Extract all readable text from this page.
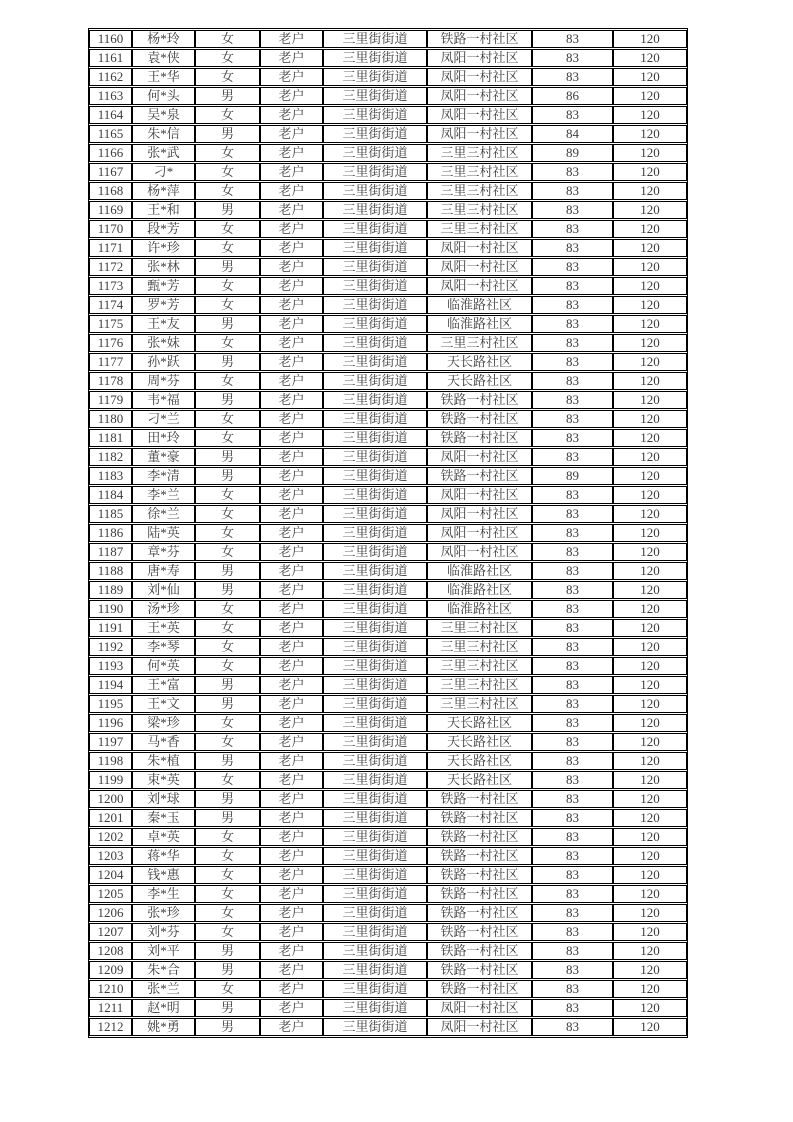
1160	杨*玲	女	老户	三里街街道	铁路一村社区	83	120
1161	袁*侠	女	老户	三里街街道	凤阳一村社区	83	120
1162	王*华	女	老户	三里街街道	凤阳一村社区	83	120
1163	何*头	男	老户	三里街街道	凤阳一村社区	86	120
1164	吴*泉	女	老户	三里街街道	凤阳一村社区	83	120
1165	朱*信	男	老户	三里街街道	凤阳一村社区	84	120
1166	张*武	女	老户	三里街街道	三里三村社区	89	120
1167	刁*	女	老户	三里街街道	三里三村社区	83	120
1168	杨*萍	女	老户	三里街街道	三里三村社区	83	120
1169	王*和	男	老户	三里街街道	三里三村社区	83	120
1170	段*芳	女	老户	三里街街道	三里三村社区	83	120
1171	许*珍	女	老户	三里街街道	凤阳一村社区	83	120
1172	张*林	男	老户	三里街街道	凤阳一村社区	83	120
1173	甄*芳	女	老户	三里街街道	凤阳一村社区	83	120
1174	罗*芳	女	老户	三里街街道	临淮路社区	83	120
1175	王*友	男	老户	三里街街道	临淮路社区	83	120
1176	张*妹	女	老户	三里街街道	三里三村社区	83	120
1177	孙*跃	男	老户	三里街街道	天长路社区	83	120
1178	周*芬	女	老户	三里街街道	天长路社区	83	120
1179	韦*福	男	老户	三里街街道	铁路一村社区	83	120
1180	刁*兰	女	老户	三里街街道	铁路一村社区	83	120
1181	田*玲	女	老户	三里街街道	铁路一村社区	83	120
1182	董*豪	男	老户	三里街街道	凤阳一村社区	83	120
1183	李*清	男	老户	三里街街道	铁路一村社区	89	120
1184	李*兰	女	老户	三里街街道	凤阳一村社区	83	120
1185	徐*兰	女	老户	三里街街道	凤阳一村社区	83	120
1186	陆*英	女	老户	三里街街道	凤阳一村社区	83	120
1187	章*芬	女	老户	三里街街道	凤阳一村社区	83	120
1188	唐*寿	男	老户	三里街街道	临淮路社区	83	120
1189	刘*仙	男	老户	三里街街道	临淮路社区	83	120
1190	汤*珍	女	老户	三里街街道	临淮路社区	83	120
1191	王*英	女	老户	三里街街道	三里三村社区	83	120
1192	李*琴	女	老户	三里街街道	三里三村社区	83	120
1193	何*英	女	老户	三里街街道	三里三村社区	83	120
1194	王*富	男	老户	三里街街道	三里三村社区	83	120
1195	王*文	男	老户	三里街街道	三里三村社区	83	120
1196	梁*珍	女	老户	三里街街道	天长路社区	83	120
1197	马*香	女	老户	三里街街道	天长路社区	83	120
1198	朱*植	男	老户	三里街街道	天长路社区	83	120
1199	束*英	女	老户	三里街街道	天长路社区	83	120
1200	刘*球	男	老户	三里街街道	铁路一村社区	83	120
1201	秦*玉	男	老户	三里街街道	铁路一村社区	83	120
1202	卓*英	女	老户	三里街街道	铁路一村社区	83	120
1203	蒋*华	女	老户	三里街街道	铁路一村社区	83	120
1204	钱*惠	女	老户	三里街街道	铁路一村社区	83	120
1205	李*生	女	老户	三里街街道	铁路一村社区	83	120
1206	张*珍	女	老户	三里街街道	铁路一村社区	83	120
1207	刘*芬	女	老户	三里街街道	铁路一村社区	83	120
1208	刘*平	男	老户	三里街街道	铁路一村社区	83	120
1209	朱*合	男	老户	三里街街道	铁路一村社区	83	120
1210	张*兰	女	老户	三里街街道	铁路一村社区	83	120
1211	赵*明	男	老户	三里街街道	凤阳一村社区	83	120
1212	姚*勇	男	老户	三里街街道	凤阳一村社区	83	120
